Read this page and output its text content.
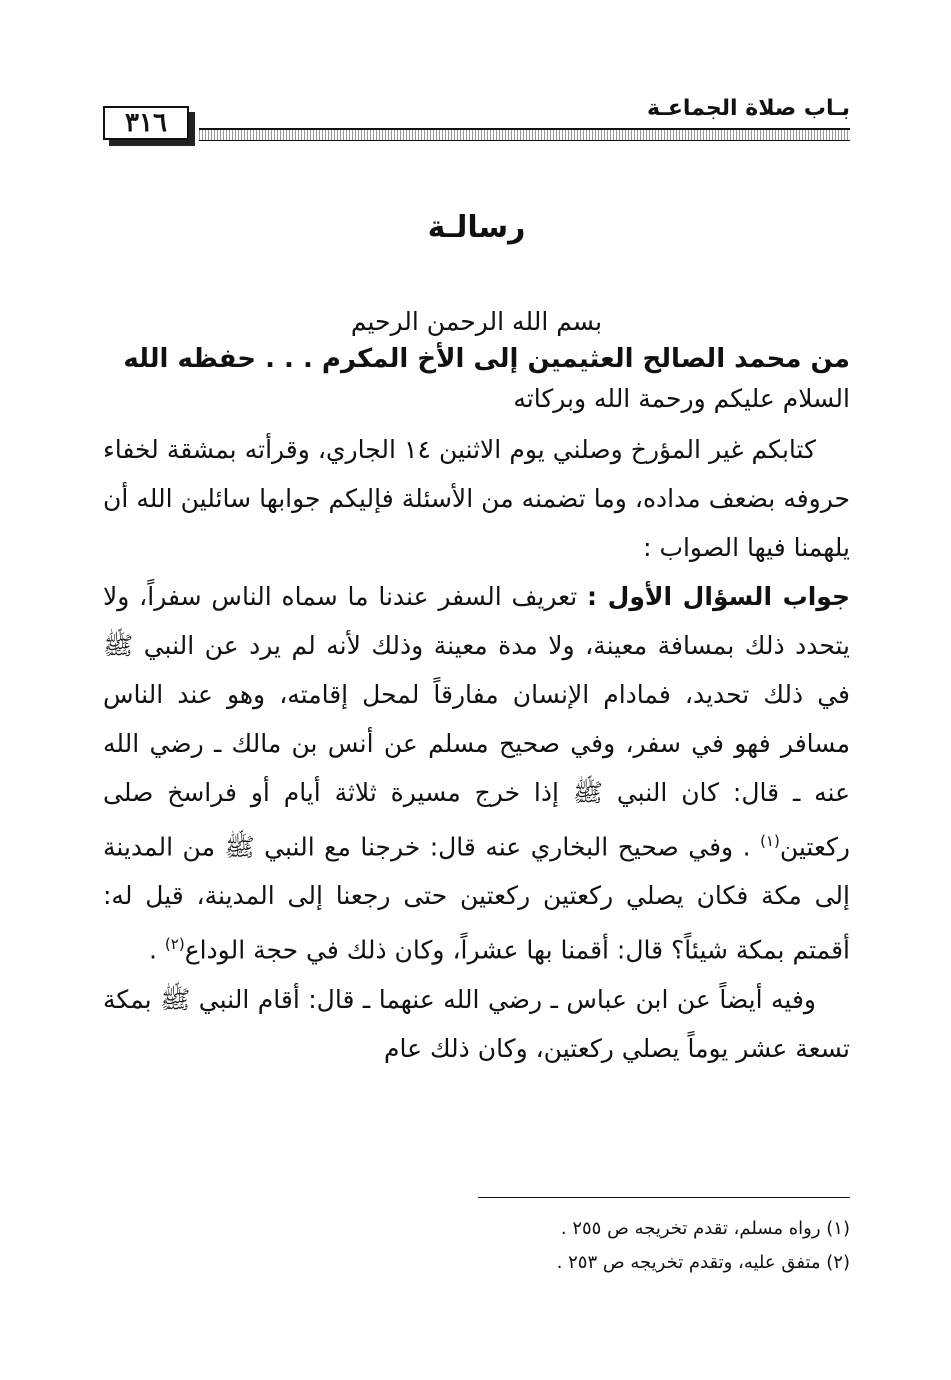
٣١٦	بـاب صلاة الجماعـة
رسالـة
بسم الله الرحمن الرحيم
من محمد الصالح العثيمين إلى الأخ المكرم . . . حفظه الله
السلام عليكم ورحمة الله وبركاته

كتابكم غير المؤرخ وصلني يوم الاثنين ١٤ الجاري، وقرأته بمشقة لخفاء حروفه بضعف مداده، وما تضمنه من الأسئلة فإليكم جوابها سائلين الله أن يلهمنا فيها الصواب :

جواب السؤال الأول : تعريف السفر عندنا ما سماه الناس سفراً، ولا يتحدد ذلك بمسافة معينة، ولا مدة معينة وذلك لأنه لم يرد عن النبي ﷺ في ذلك تحديد، فمادام الإنسان مفارقاً لمحل إقامته، وهو عند الناس مسافر فهو في سفر، وفي صحيح مسلم عن أنس بن مالك ـ رضي الله عنه ـ قال: كان النبي ﷺ إذا خرج مسيرة ثلاثة أيام أو فراسخ صلى ركعتين$^{(١)}$ . وفي صحيح البخاري عنه قال: خرجنا مع النبي ﷺ من المدينة إلى مكة فكان يصلي ركعتين ركعتين حتى رجعنا إلى المدينة، قيل له: أقمتم بمكة شيئاً؟ قال: أقمنا بها عشراً، وكان ذلك في حجة الوداع$^{(٢)}$ .

وفيه أيضاً عن ابن عباس ـ رضي الله عنهما ـ قال: أقام النبي ﷺ بمكة تسعة عشر يوماً يصلي ركعتين، وكان ذلك عام

(١) رواه مسلم، تقدم تخريجه ص ٢٥٥ .

(٢) متفق عليه، وتقدم تخريجه ص ٢٥٣ .
